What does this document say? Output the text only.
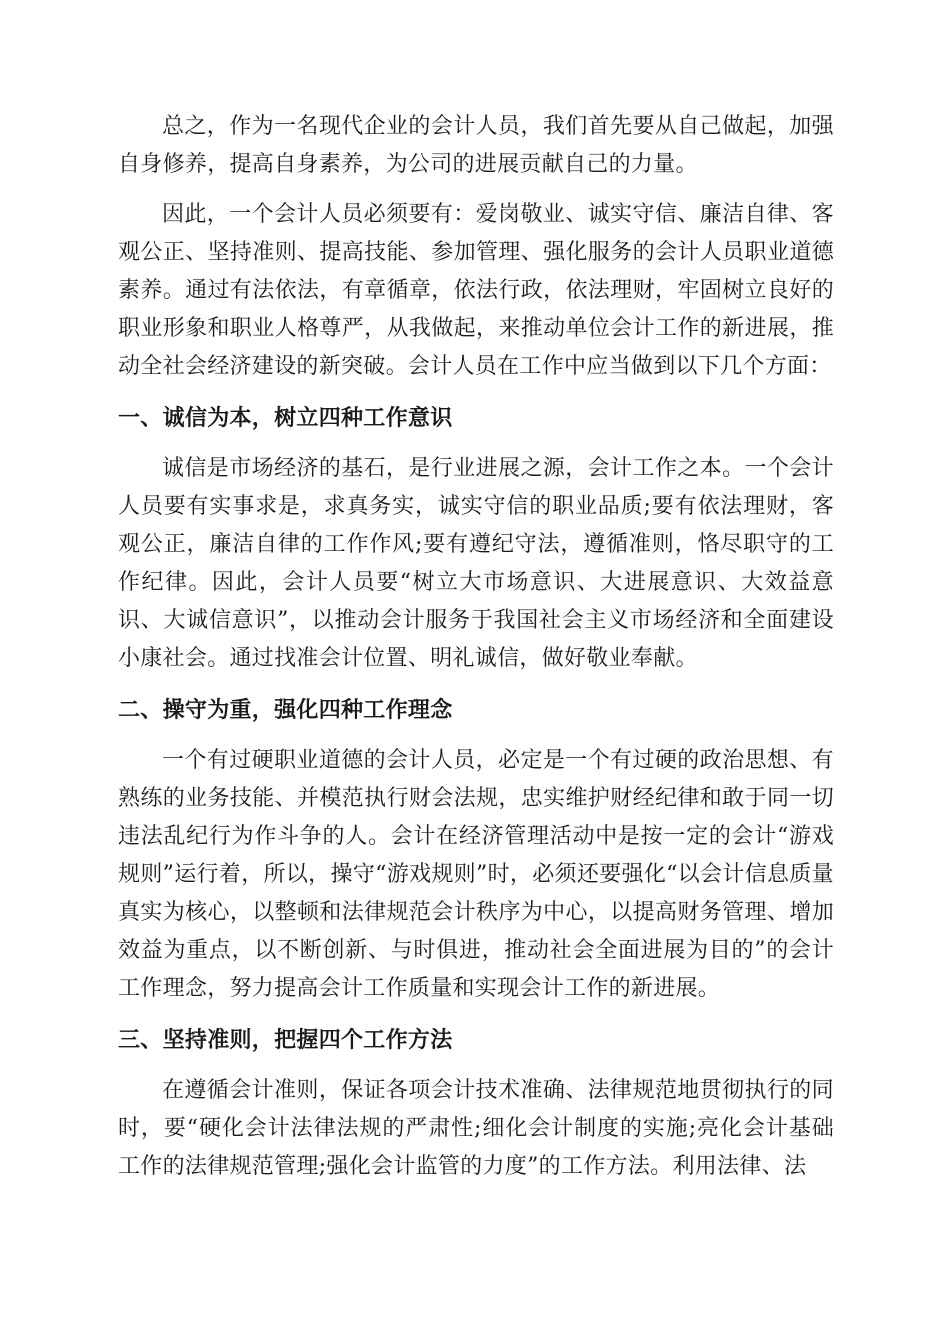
总之，作为一名现代企业的会计人员，我们首先要从自己做起，加强自身修养，提高自身素养，为公司的进展贡献自己的力量。

因此，一个会计人员必须要有：爱岗敬业、诚实守信、廉洁自律、客观公正、坚持准则、提高技能、参加管理、强化服务的会计人员职业道德素养。通过有法依法，有章循章，依法行政，依法理财，牢固树立良好的职业形象和职业人格尊严，从我做起，来推动单位会计工作的新进展，推动全社会经济建设的新突破。会计人员在工作中应当做到以下几个方面：

一、诚信为本，树立四种工作意识

诚信是市场经济的基石，是行业进展之源，会计工作之本。一个会计人员要有实事求是，求真务实，诚实守信的职业品质;要有依法理财，客观公正，廉洁自律的工作作风;要有遵纪守法，遵循准则，恪尽职守的工作纪律。因此，会计人员要“树立大市场意识、大进展意识、大效益意识、大诚信意识”，以推动会计服务于我国社会主义市场经济和全面建设小康社会。通过找准会计位置、明礼诚信，做好敬业奉献。

二、操守为重，强化四种工作理念

一个有过硬职业道德的会计人员，必定是一个有过硬的政治思想、有熟练的业务技能、并模范执行财会法规，忠实维护财经纪律和敢于同一切违法乱纪行为作斗争的人。会计在经济管理活动中是按一定的会计“游戏规则”运行着，所以，操守“游戏规则”时，必须还要强化“以会计信息质量真实为核心，以整顿和法律规范会计秩序为中心，以提高财务管理、增加效益为重点，以不断创新、与时俱进，推动社会全面进展为目的”的会计工作理念，努力提高会计工作质量和实现会计工作的新进展。

三、坚持准则，把握四个工作方法

在遵循会计准则，保证各项会计技术准确、法律规范地贯彻执行的同时，要“硬化会计法律法规的严肃性;细化会计制度的实施;亮化会计基础工作的法律规范管理;强化会计监管的力度”的工作方法。利用法律、法
